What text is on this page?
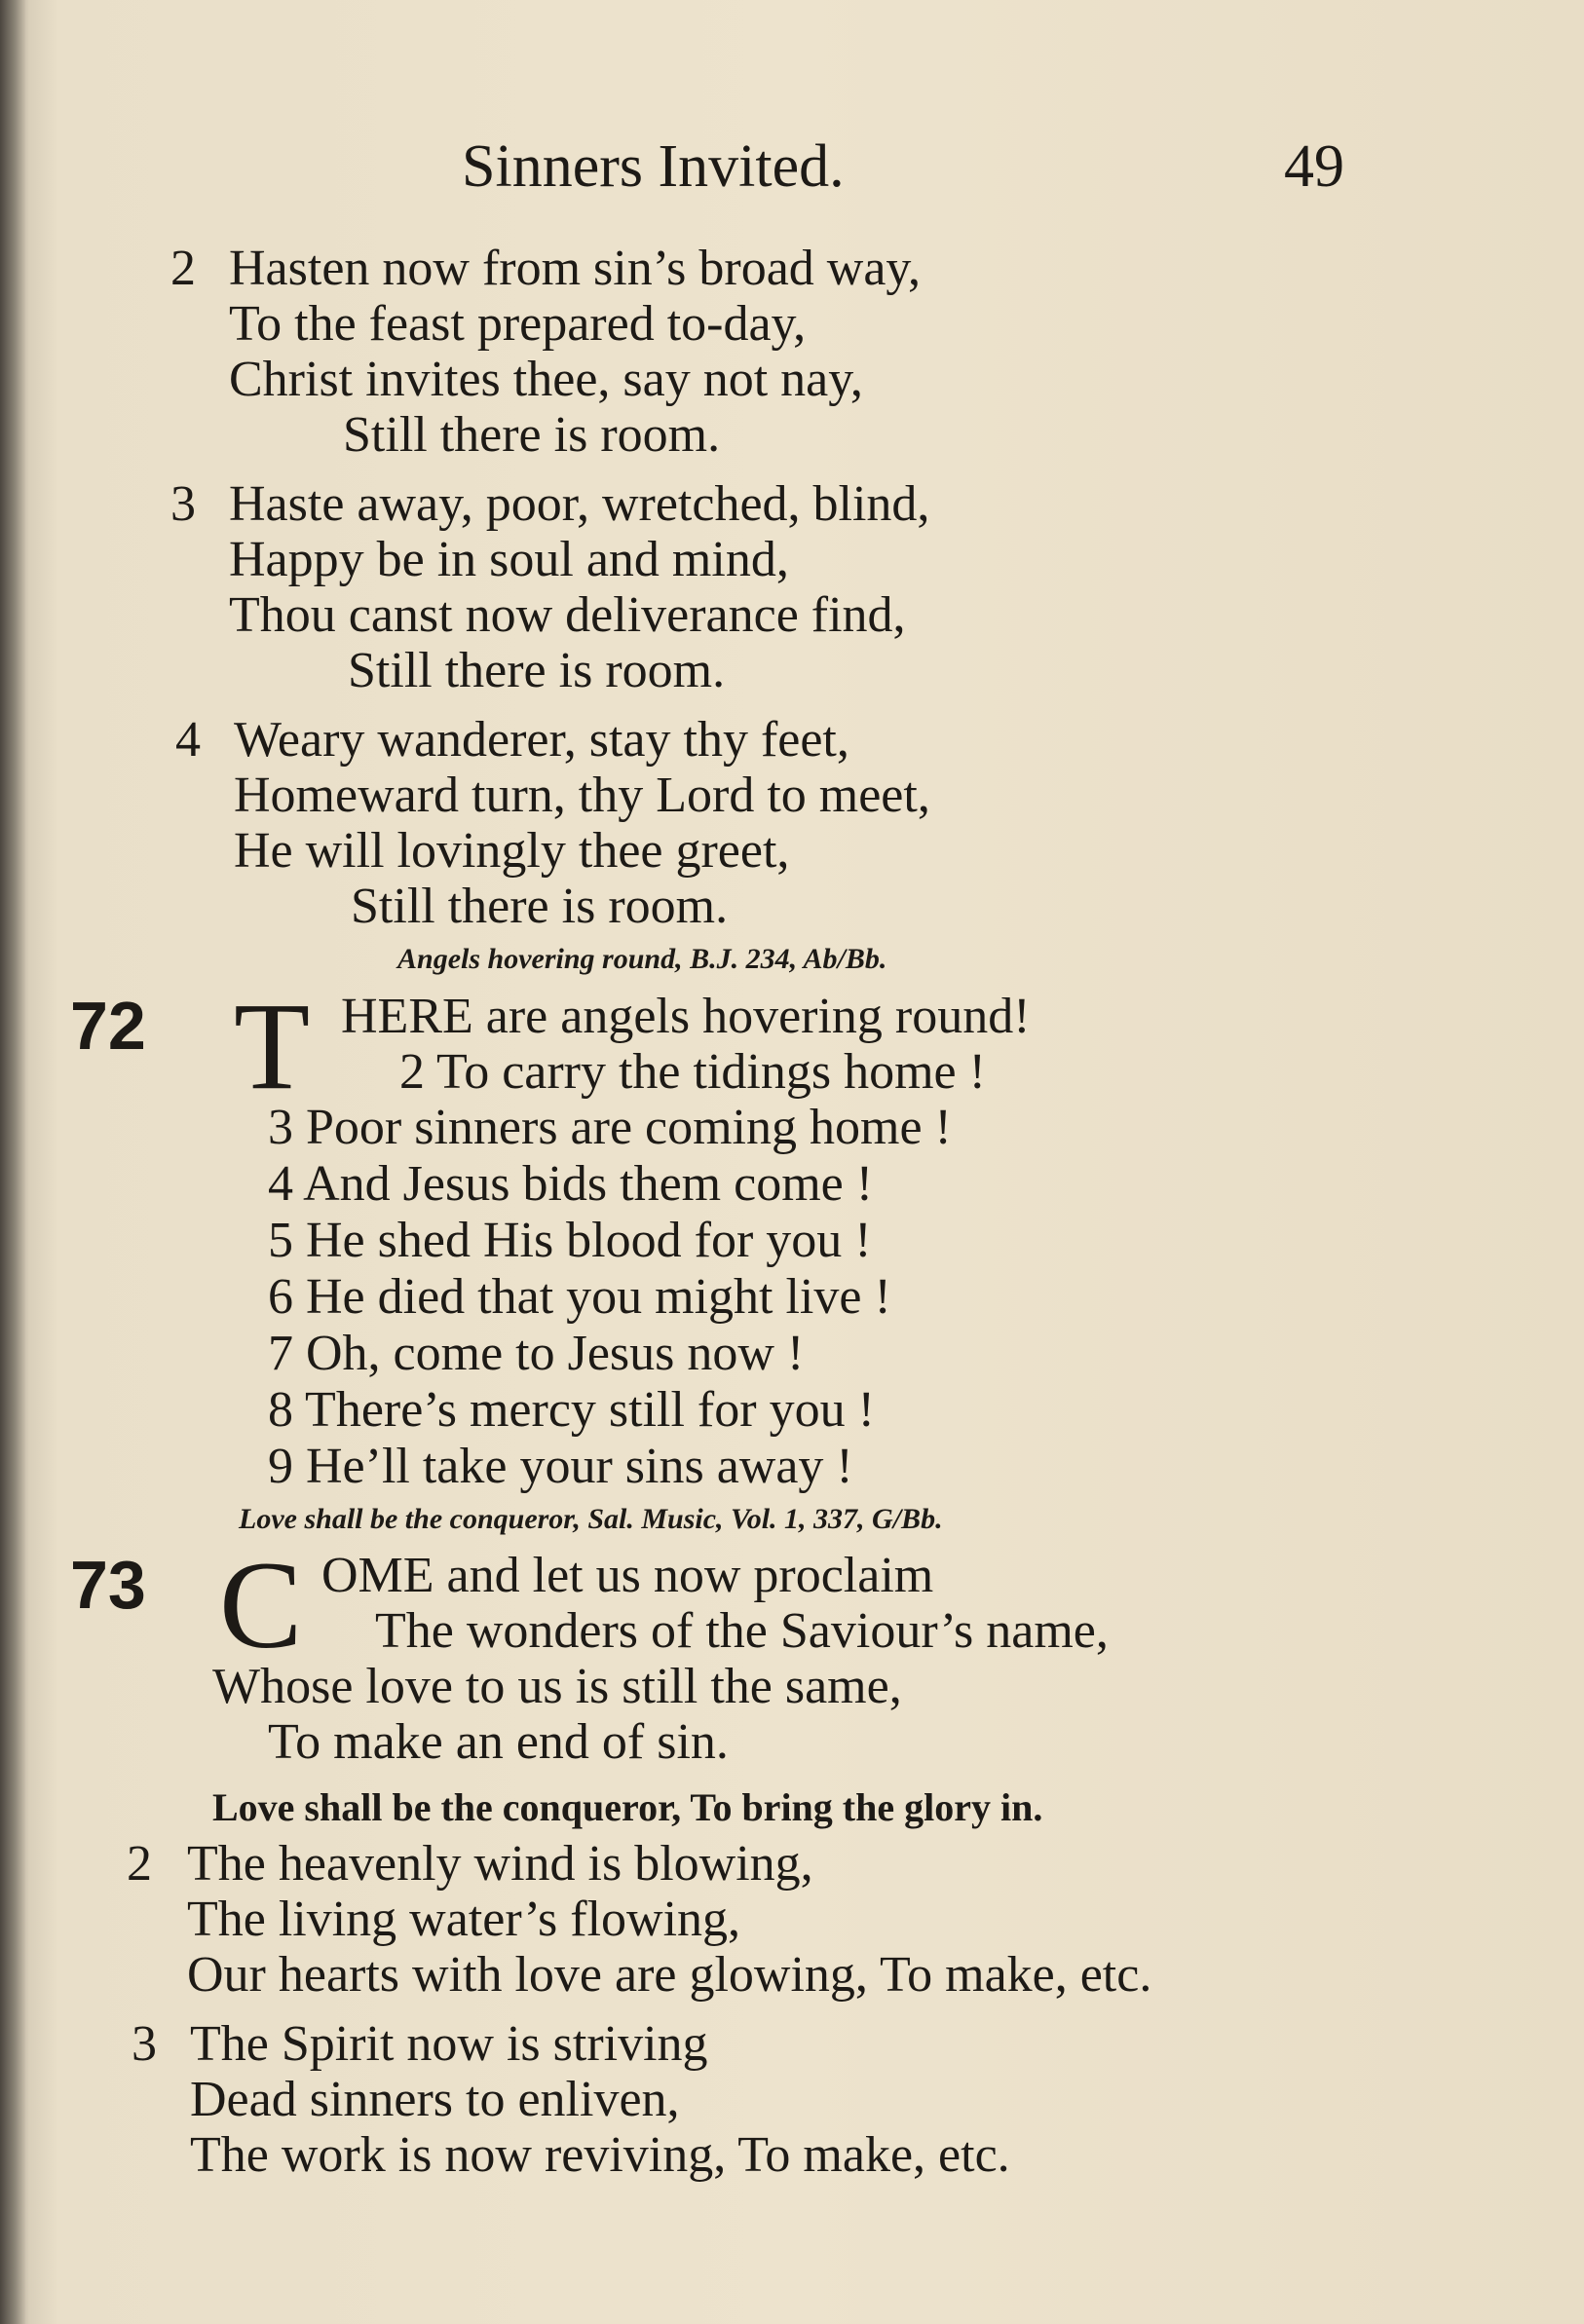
Sinners Invited.	49
2 Hasten now from sin’s broad way,
To the feast prepared to-day,
Christ invites thee, say not nay,
Still there is room.
3 Haste away, poor, wretched, blind,
Happy be in soul and mind,
Thou canst now deliverance find,
Still there is room.
4 Weary wanderer, stay thy feet,
Homeward turn, thy Lord to meet,
He will lovingly thee greet,
Still there is room.
Angels hovering round, B.J. 234, Ab/Bb.
72 T HERE are angels hovering round!
2 To carry the tidings home !
3 Poor sinners are coming home !
4 And Jesus bids them come !
5 He shed His blood for you !
6 He died that you might live !
7 Oh, come to Jesus now !
8 There’s mercy still for you !
9 He’ll take your sins away !
Love shall be the conqueror, Sal. Music, Vol. 1, 337, G/Bb.
73 C OME and let us now proclaim
The wonders of the Saviour’s name,
Whose love to us is still the same,
To make an end of sin.
Love shall be the conqueror, To bring the glory in.
2 The heavenly wind is blowing,
The living water’s flowing,
Our hearts with love are glowing, To make, etc.
3 The Spirit now is striving
Dead sinners to enliven,
The work is now reviving, To make, etc.
